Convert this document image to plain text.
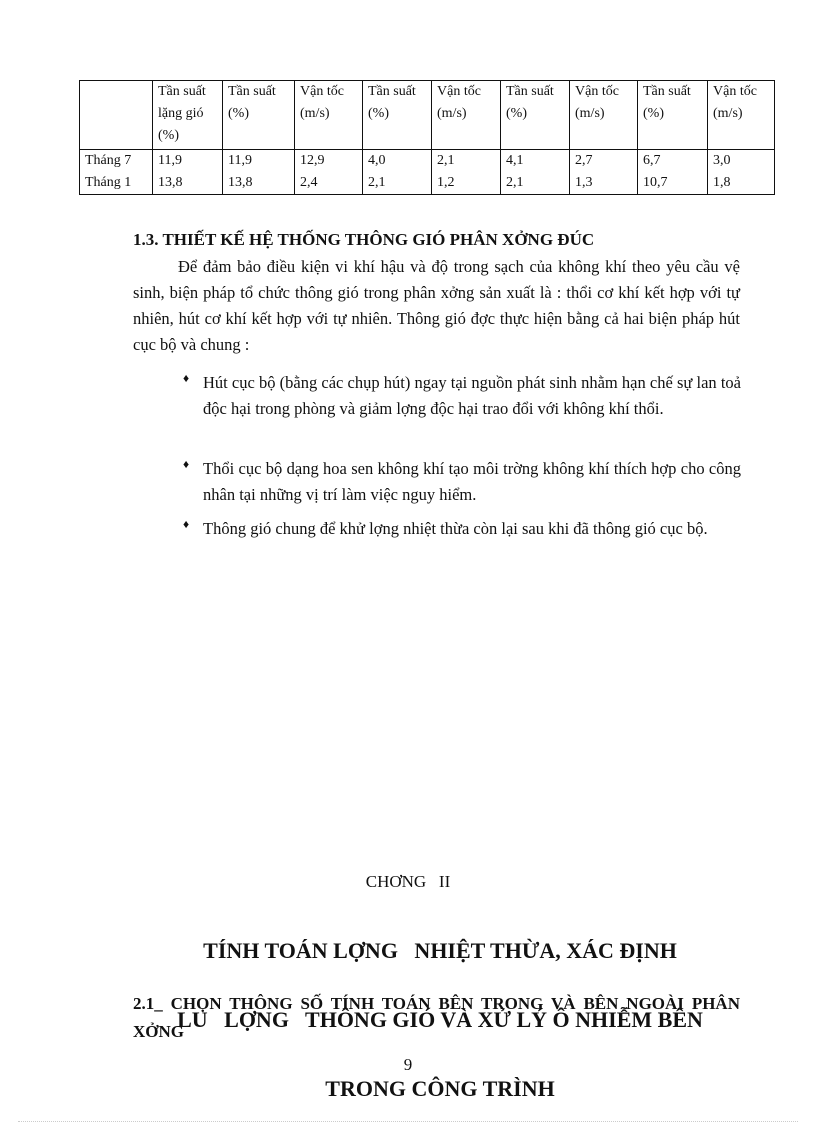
	Tần suất lặng gió (%)	Tần suất (%)	Vận tốc (m/s)	Tần suất (%)	Vận tốc (m/s)	Tần suất (%)	Vận tốc (m/s)	Tần suất (%)	Vận tốc (m/s)
Tháng 7	11,9	11,9	12,9	4,0	2,1	4,1	2,7	6,7	3,0
Tháng 1	13,8	13,8	2,4	2,1	1,2	2,1	1,3	10,7	1,8
1.3. THIẾT KẾ HỆ THỐNG THÔNG GIÓ PHÂN XỞNG ĐÚC
Để đảm bảo điều kiện vi khí hậu và độ trong sạch của không khí theo yêu cầu vệ sinh, biện pháp tổ chức thông gió trong phân xởng sản xuất là : thổi cơ khí kết hợp với tự nhiên, hút cơ khí kết hợp với tự nhiên. Thông gió đợc thực hiện bằng cả hai biện pháp hút cục bộ và chung :
♦ Hút cục bộ (bằng các chụp hút) ngay tại nguồn phát sinh nhằm hạn chế sự lan toả độc hại trong phòng và giảm lợng độc hại trao đổi với không khí thổi.
♦ Thổi cục bộ dạng hoa sen không khí tạo môi trờng không khí thích hợp cho công nhân tại những vị trí làm việc nguy hiểm.
♦ Thông gió chung để khử lợng nhiệt thừa còn lại sau khi đã thông gió cục bộ.
CHƠNG   II

TÍNH TOÁN LỢNG   NHIỆT THỪA, XÁC ĐỊNH

LU   LỢNG   THÔNG GIÓ VÀ XỬ LÝ Ô NHIỄM BÊN

TRONG CÔNG TRÌNH

2.1_ CHỌN THÔNG SỐ TÍNH TOÁN BÊN TRONG VÀ BÊN NGOÀI PHÂN XỞNG
9
